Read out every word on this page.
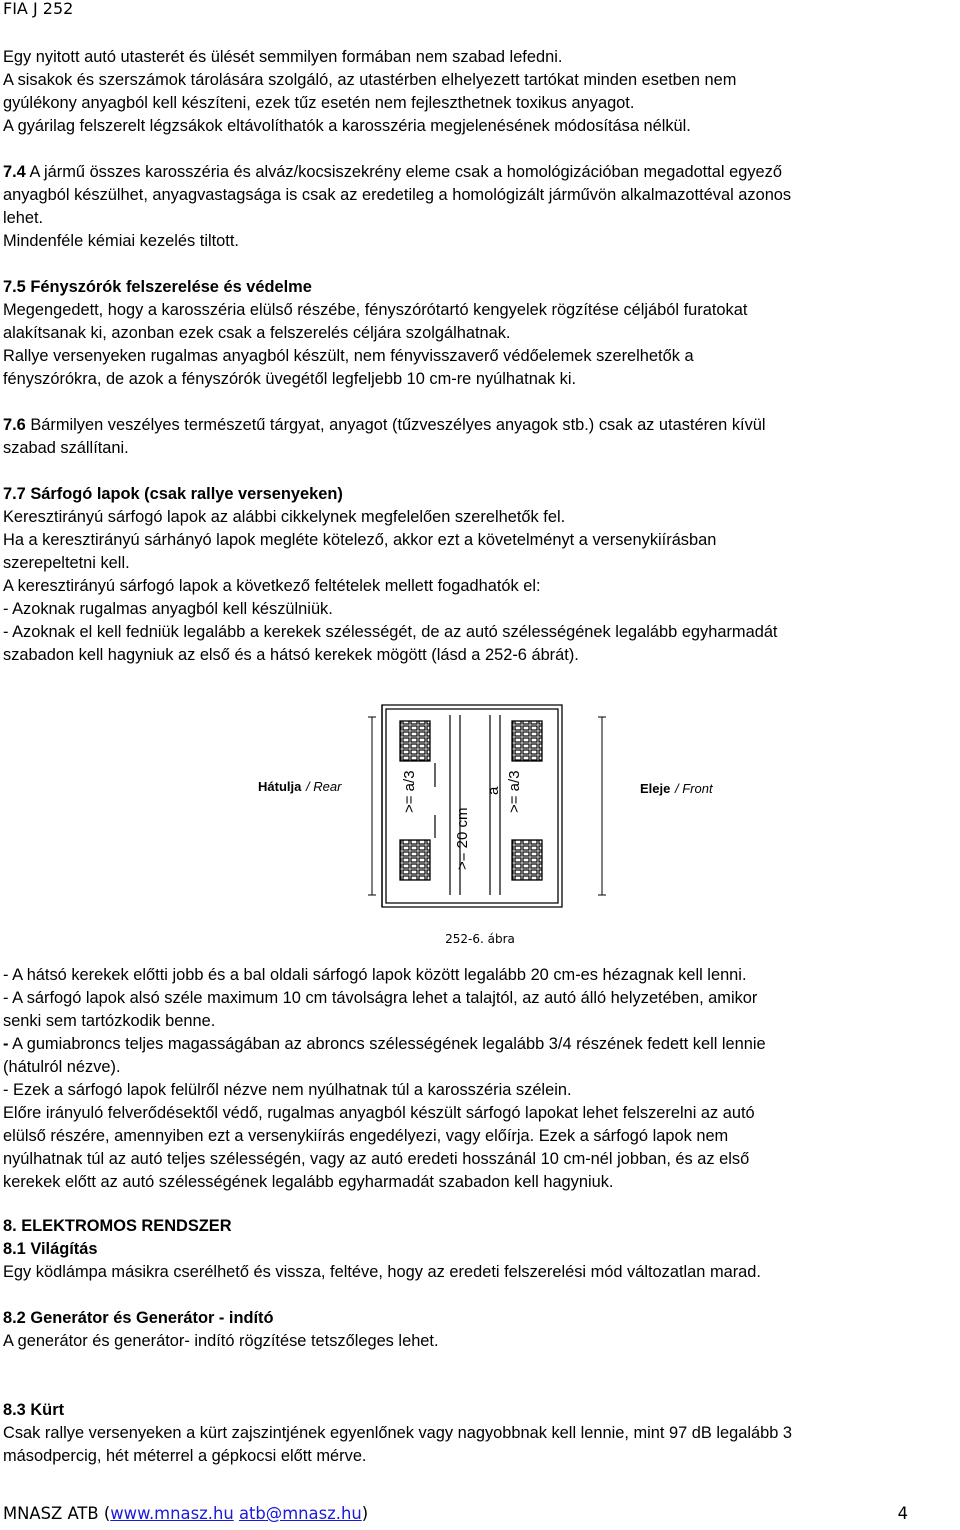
FIA J 252

Egy nyitott autó utasterét és ülését semmilyen formában nem szabad lefedni.

A sisakok és szerszámok tárolására szolgáló, az utastérben elhelyezett tartókat minden esetben nem

gyúlékony anyagból kell készíteni, ezek tűz esetén nem fejleszthetnek toxikus anyagot.

A gyárilag felszerelt légzsákok eltávolíthatók a karosszéria megjelenésének módosítása nélkül.

7.4 A jármű összes karosszéria és alváz/kocsiszekrény eleme csak a homológizációban megadottal egyező

anyagból készülhet, anyagvastagsága is csak az eredetileg a homológizált járművön alkalmazottéval azonos

lehet.

Mindenféle kémiai kezelés tiltott.

7.5 Fényszórók felszerelése és védelme

Megengedett, hogy a karosszéria elülső részébe, fényszórótartó kengyelek rögzítése céljából furatokat

alakítsanak ki, azonban ezek csak a felszerelés céljára szolgálhatnak.

Rallye versenyeken rugalmas anyagból készült, nem fényvisszaverő védőelemek szerelhetők a

fényszórókra, de azok a fényszórók üvegétől legfeljebb 10 cm-re nyúlhatnak ki.

7.6 Bármilyen veszélyes természetű tárgyat, anyagot (tűzveszélyes anyagok stb.) csak az utastéren kívül

szabad szállítani.

7.7 Sárfogó lapok (csak rallye versenyeken)

Keresztirányú sárfogó lapok az alábbi cikkelynek megfelelően szerelhetők fel.

Ha a keresztirányú sárhányó lapok megléte kötelező, akkor ezt a követelményt a versenykiírásban

szerepeltetni kell.

A keresztirányú sárfogó lapok a következő feltételek mellett fogadhatók el:

- Azoknak rugalmas anyagból kell készülniük.

- Azoknak el kell fedniük legalább a kerekek szélességét, de az autó szélességének legalább egyharmadát

szabadon kell hagyniuk az első és a hátsó kerekek mögött (lásd a 252-6 ábrát).

Hátulja / Rear	Eleje / Front
>= a/3	>= a/3
>= 20 cm
a
252-6. ábra

- A hátsó kerekek előtti jobb és a bal oldali sárfogó lapok között legalább 20 cm-es hézagnak kell lenni.

- A sárfogó lapok alsó széle maximum 10 cm távolságra lehet a talajtól, az autó álló helyzetében, amikor

senki sem tartózkodik benne.

- A gumiabroncs teljes magasságában az abroncs szélességének legalább 3/4 részének fedett kell lennie

(hátulról nézve).

- Ezek a sárfogó lapok felülről nézve nem nyúlhatnak túl a karosszéria szélein.

Előre irányuló felverődésektől védő, rugalmas anyagból készült sárfogó lapokat lehet felszerelni az autó

elülső részére, amennyiben ezt a versenykiírás engedélyezi, vagy előírja. Ezek a sárfogó lapok nem

nyúlhatnak túl az autó teljes szélességén, vagy az autó eredeti hosszánál 10 cm-nél jobban, és az első

kerekek előtt az autó szélességének legalább egyharmadát szabadon kell hagyniuk.

8. ELEKTROMOS RENDSZER

8.1 Világítás

Egy ködlámpa másikra cserélhető és vissza, feltéve, hogy az eredeti felszerelési mód változatlan marad.

8.2 Generátor és Generátor - indító

A generátor és generátor- indító rögzítése tetszőleges lehet.

8.3 Kürt

Csak rallye versenyeken a kürt zajszintjének egyenlőnek vagy nagyobbnak kell lennie, mint 97 dB legalább 3

másodpercig, hét méterrel a gépkocsi előtt mérve.

MNASZ ATB (www.mnasz.hu atb@mnasz.hu)	4
